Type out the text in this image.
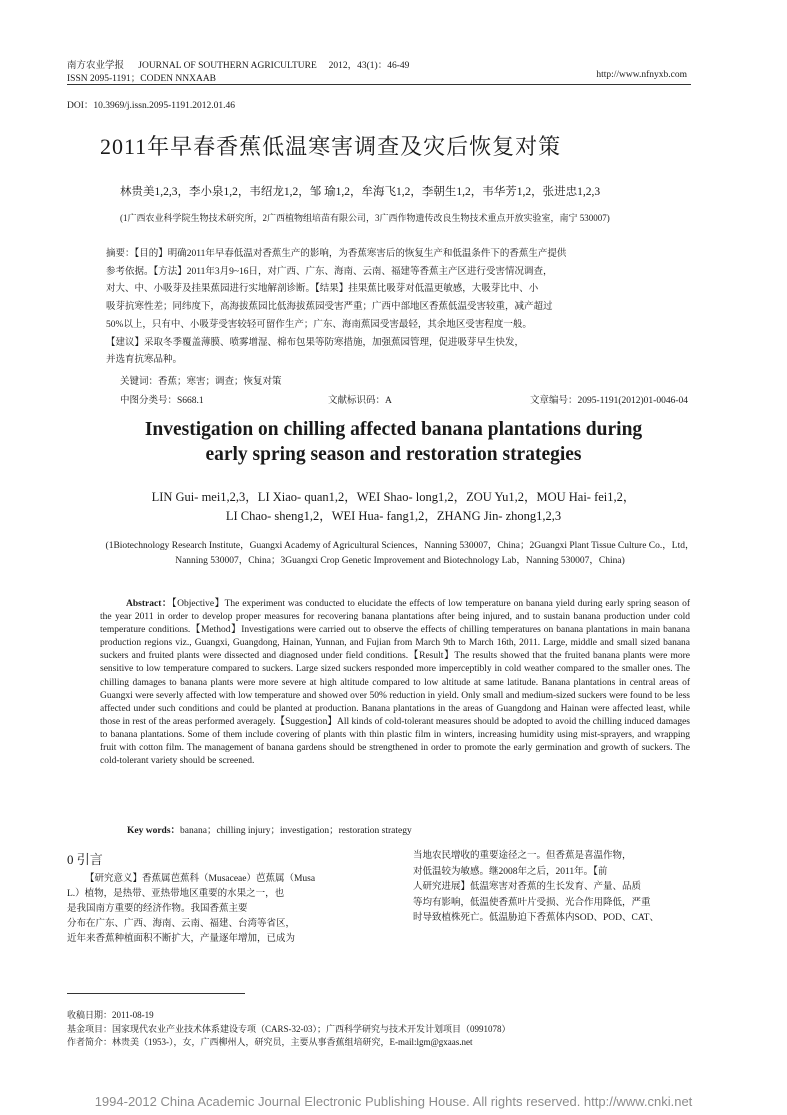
南方农业学报 JOURNAL OF SOUTHERN AGRICULTURE 2012，43(1)：46-49
ISSN 2095-1191；CODEN NNXAAB	http://www.nfnyxb.com
DOI：10.3969/j.issn.2095-1191.2012.01.46
2011年早春香蕉低温寒害调查及灾后恢复对策
林贵美1,2,3，李小泉1,2，韦绍龙1,2，邹 瑜1,2，牟海飞1,2，李朝生1,2，韦华芳1,2，张进忠1,2,3
(1广西农业科学院生物技术研究所，2广西植物组培苗有限公司，3广西作物遗传改良生物技术重点开放实验室，南宁 530007)

摘要：【目的】明确2011年早春低温对香蕉生产的影响，为香蕉寒害后的恢复生产和低温条件下的香蕉生产提供

参考依据。【方法】2011年3月9~16日，对广西、广东、海南、云南、福建等香蕉主产区进行受害情况调查，

对大、中、小吸芽及挂果蕉园进行实地解剖诊断。【结果】挂果蕉比吸芽对低温更敏感，大吸芽比中、小

吸芽抗寒性差；同纬度下，高海拔蕉园比低海拔蕉园受害严重；广西中部地区香蕉低温受害较重，减产超过

50%以上，只有中、小吸芽受害较轻可留作生产；广东、海南蕉园受害最轻，其余地区受害程度一般。

【建议】采取冬季覆盖薄膜、喷雾增湿、棉布包果等防寒措施，加强蕉园管理，促进吸芽早生快发，

并选育抗寒品种。

关键词：香蕉；寒害；调查；恢复对策
中图分类号：S668.1	文献标识码：A	文章编号：2095-1191(2012)01-0046-04
Investigation on chilling affected banana plantations during
early spring season and restoration strategies
LIN Gui- mei1,2,3，LI Xiao- quan1,2，WEI Shao- long1,2，ZOU Yu1,2，MOU Hai- fei1,2，
LI Chao- sheng1,2，WEI Hua- fang1,2，ZHANG Jin- zhong1,2,3
(1Biotechnology Research Institute，Guangxi Academy of Agricultural Sciences，Nanning 530007，China；2Guangxi Plant Tissue Culture Co.，Ltd，Nanning 530007，China；3Guangxi Crop Genetic Improvement and Biotechnology Lab，Nanning 530007，China)
Abstract：【Objective】The experiment was conducted to elucidate the effects of low temperature on banana yield during early spring season of the year 2011 in order to develop proper measures for recovering banana plantations after being injured, and to sustain banana production under cold temperature conditions.【Method】Investigations were carried out to observe the effects of chilling temperatures on banana plantations in main banana production regions viz., Guangxi, Guangdong, Hainan, Yunnan, and Fujian from March 9th to March 16th, 2011. Large, middle and small sized banana suckers and fruited plants were dissected and diagnosed under field conditions.【Result】The results showed that the fruited banana plants were more sensitive to low temperature compared to suckers. Large sized suckers responded more imperceptibly in cold weather compared to the smaller ones. The chilling damages to banana plants were more severe at high altitude compared to low altitude at same latitude. Banana plantations in central areas of Guangxi were severly affected with low temperature and showed over 50% reduction in yield. Only small and medium-sized suckers were found to be less affected under such conditions and could be planted at production. Banana plantations in the areas of Guangdong and Hainan were affected least, while those in rest of the areas performed averagely.【Suggestion】All kinds of cold-tolerant measures should be adopted to avoid the chilling induced damages to banana plantations. Some of them include covering of plants with thin plastic film in winters, increasing humidity using mist-sprayers, and wrapping fruit with cotton film. The management of banana gardens should be strengthened in order to promote the early germination and growth of suckers. The cold-tolerant variety should be screened.
Key words：banana；chilling injury；investigation；restoration strategy
0 引言

【研究意义】香蕉属芭蕉科（Musaceae）芭蕉属（Musa

L.）植物，是热带、亚热带地区重要的水果之一，也

是我国南方重要的经济作物。我国香蕉主要

分布在广东、广西、海南、云南、福建、台湾等省区，

近年来香蕉种植面积不断扩大，产量逐年增加，已成为

当地农民增收的重要途径之一。但香蕉是喜温作物，

对低温较为敏感。继2008年之后，2011年。【前

人研究进展】低温寒害对香蕉的生长发育、产量、品质

等均有影响，低温使香蕉叶片受损、光合作用降低，严重

时导致植株死亡。低温胁迫下香蕉体内SOD、POD、CAT、

收稿日期：2011-08-19
基金项目：国家现代农业产业技术体系建设专项（CARS-32-03）；广西科学研究与技术开发计划项目（0991078）
作者简介：林贵美（1953-），女，广西柳州人，研究员，主要从事香蕉组培研究，E-mail:lgm@gxaas.net
1994-2012 China Academic Journal Electronic Publishing House. All rights reserved. http://www.cnki.net
